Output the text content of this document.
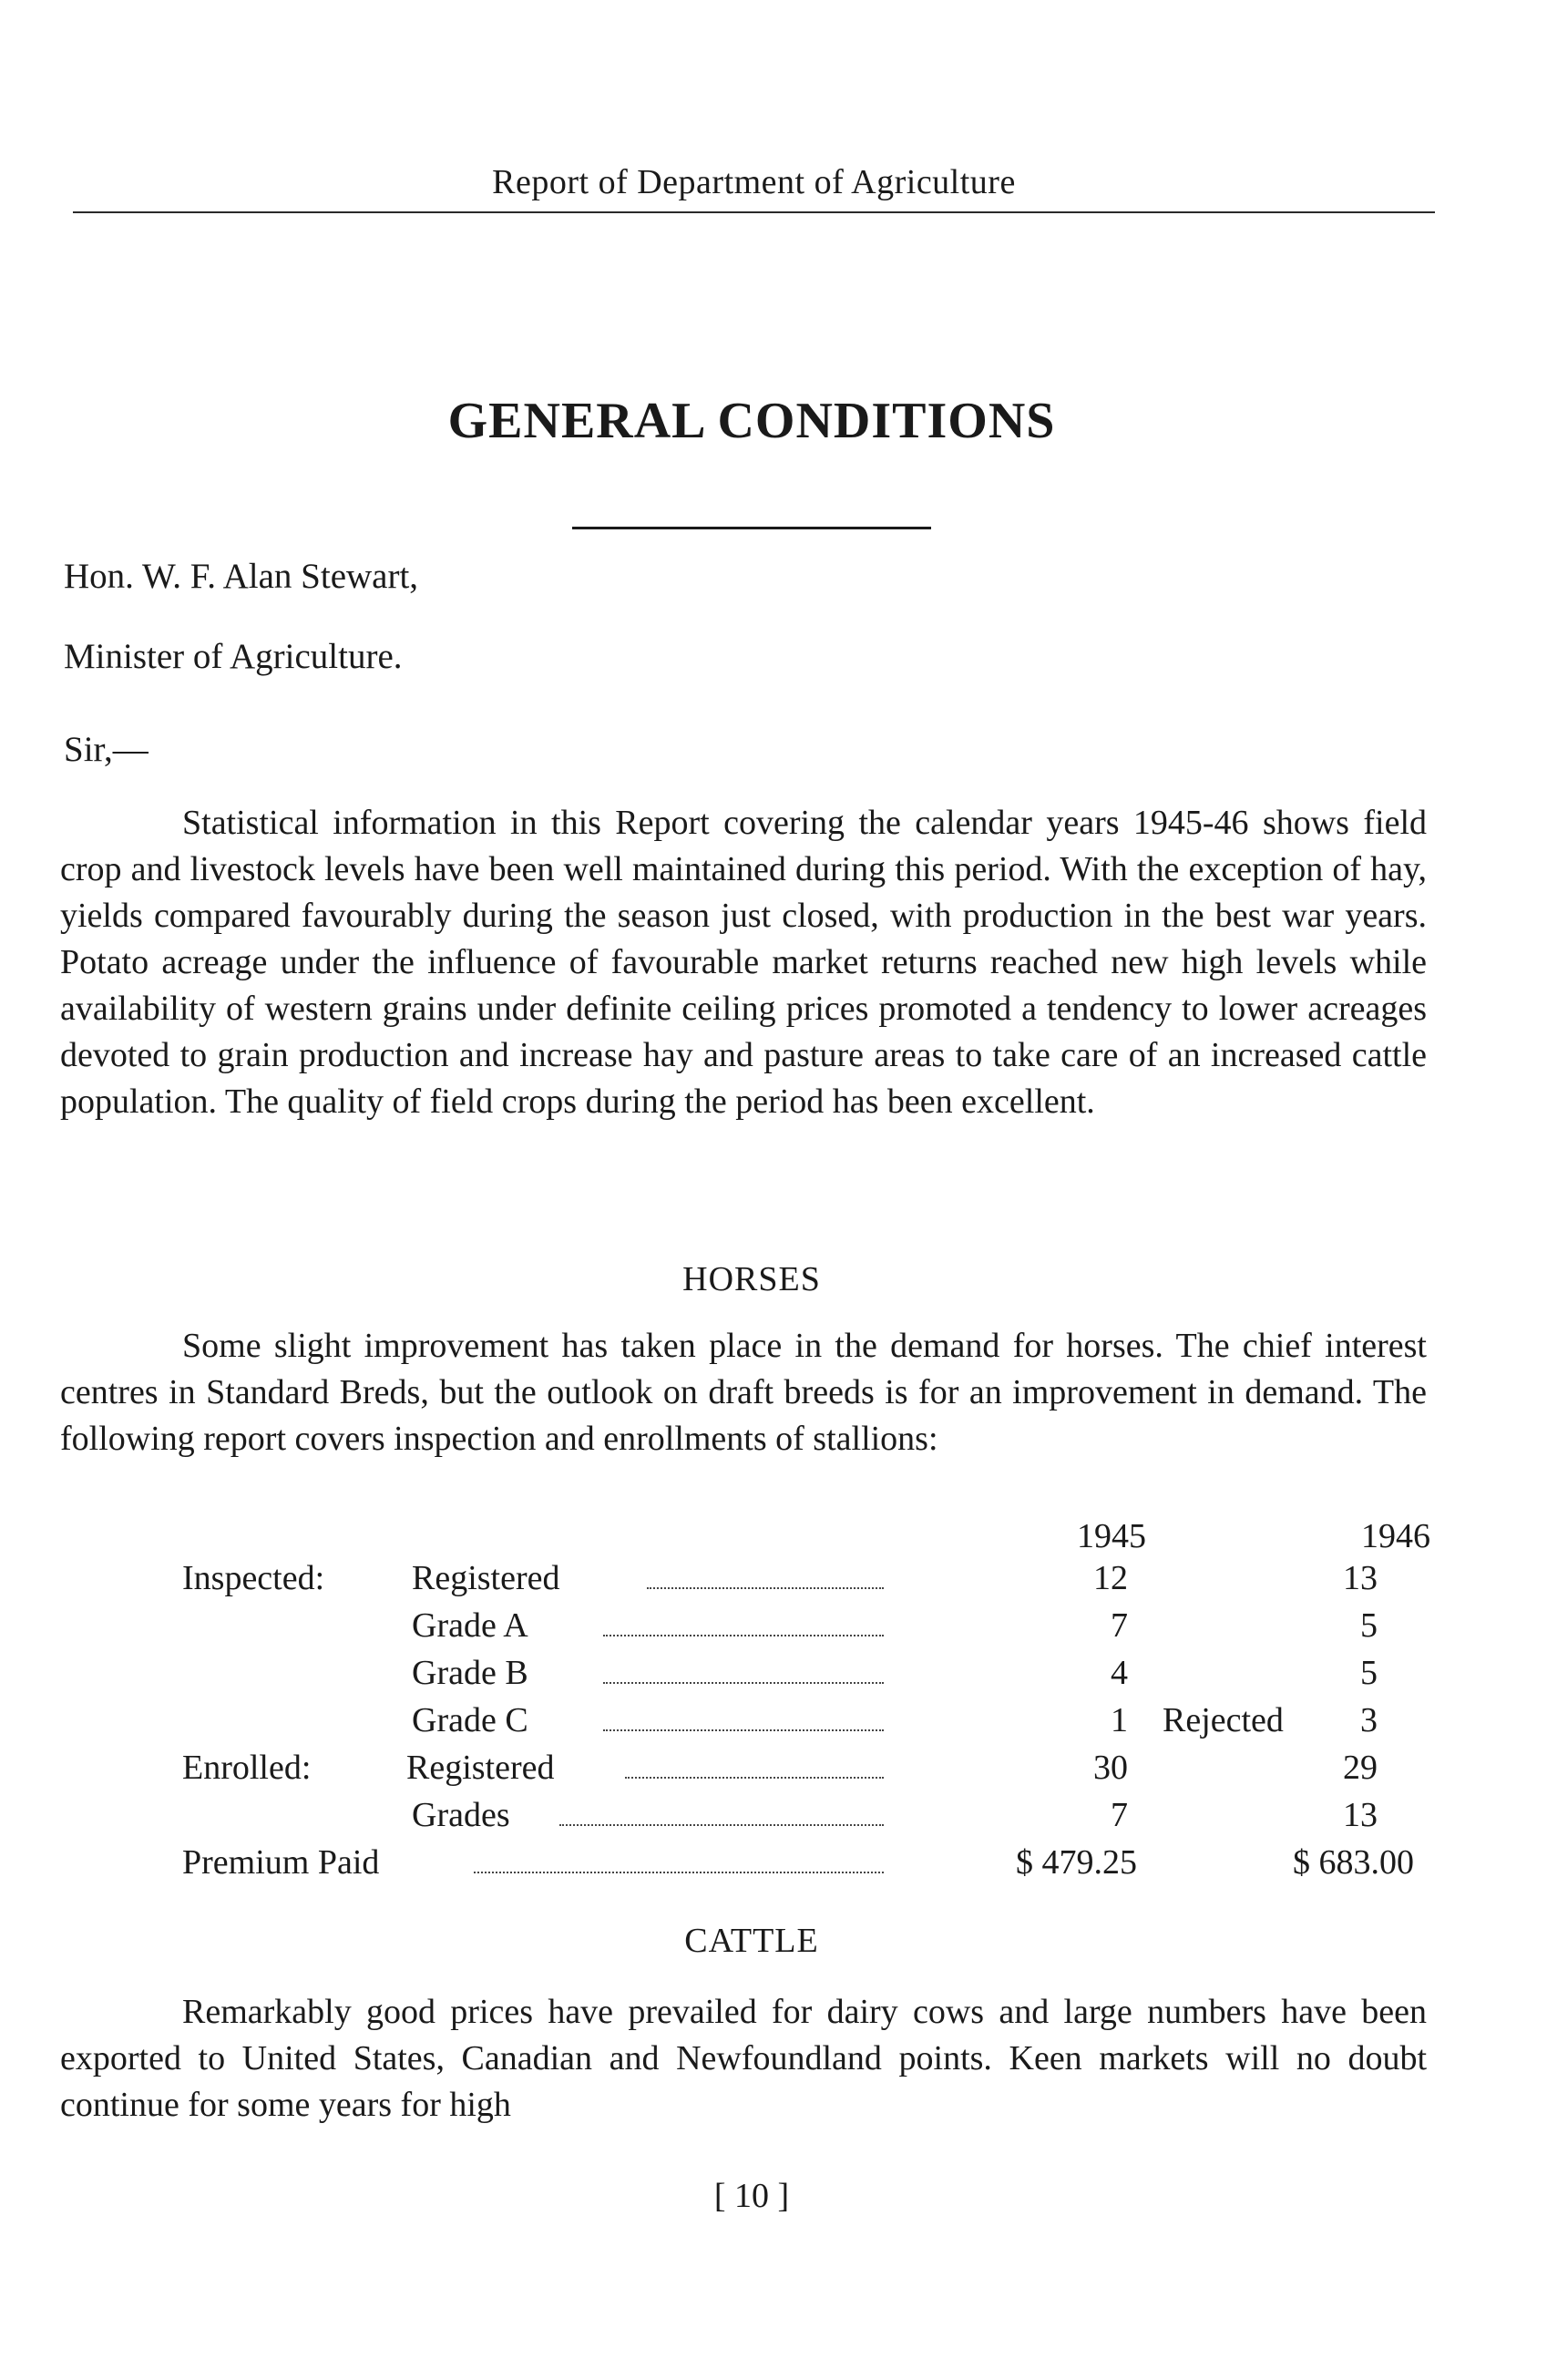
Report of Department of Agriculture
GENERAL CONDITIONS
Hon. W. F. Alan Stewart,
Minister of Agriculture.
Sir,—

Statistical information in this Report covering the calendar years 1945-46 shows field crop and livestock levels have been well maintained during this period. With the exception of hay, yields compared favourably during the season just closed, with production in the best war years. Potato acreage under the influence of favourable market returns reached new high levels while availability of western grains under definite ceiling prices promoted a tendency to lower acreages devoted to grain production and increase hay and pasture areas to take care of an increased cattle population. The quality of field crops during the period has been excellent.

HORSES

Some slight improvement has taken place in the demand for horses. The chief interest centres in Standard Breds, but the outlook on draft breeds is for an improvement in demand. The following report covers inspection and enrollments of stallions:

1945	1946
Inspected:	Registered	12	13
Grade A	7	5
Grade B	4	5
Grade C	1 Rejected	3
Enrolled:	Registered	30	29
Grades	7	13
Premium Paid	$ 479.25	$ 683.00
CATTLE

Remarkably good prices have prevailed for dairy cows and large numbers have been exported to United States, Canadian and Newfoundland points. Keen markets will no doubt continue for some years for high

[ 10 ]
